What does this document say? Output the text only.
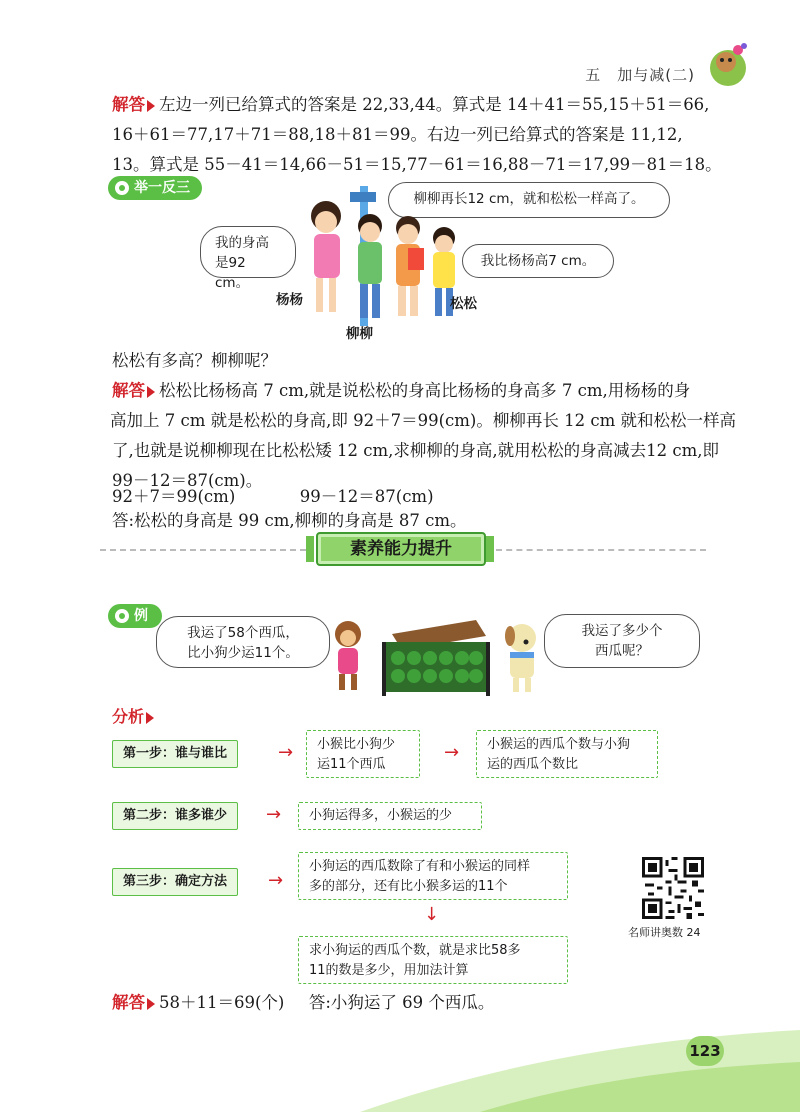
五　加与减(二)
解答 左边一列已给算式的答案是 22,33,44。算式是 14＋41＝55,15＋51＝66,
16＋61＝77,17＋71＝88,18＋81＝99。右边一列已给算式的答案是 11,12,
13。算式是 55－41＝14,66－51＝15,77－61＝16,88－71＝17,99－81＝18。
举一反三
柳柳再长12 cm，就和松松一样高了。
我的身高
是92 cm。
我比杨杨高7 cm。
杨杨
柳柳
松松
松松有多高？柳柳呢？
解答 松松比杨杨高 7 cm,就是说松松的身高比杨杨的身高多 7 cm,用杨杨的身
高加上 7 cm 就是松松的身高,即 92＋7＝99(cm)。柳柳再长 12 cm 就和松松一样高
了,也就是说柳柳现在比松松矮 12 cm,求柳柳的身高,就用松松的身高减去12 cm,即
99－12＝87(cm)。
92＋7＝99(cm)	99－12＝87(cm)
答:松松的身高是 99 cm,柳柳的身高是 87 cm。
素养能力提升
例
我运了58个西瓜，
比小狗少运11个。
我运了多少个
西瓜呢？
分析
第一步：谁与谁比	→ 小猴比小狗少
运11个西瓜
→ 小猴运的西瓜个数与小狗
运的西瓜个数比
第二步：谁多谁少	→	小狗运得多，小猴运的少
第三步：确定方法	→
小狗运的西瓜数除了有和小猴运的同样
多的部分，还有比小猴多运的11个
↓
求小狗运的西瓜个数，就是求比58多
11的数是多少，用加法计算
名师讲奥数 24
解答 58＋11＝69(个) 答:小狗运了 69 个西瓜。
123
